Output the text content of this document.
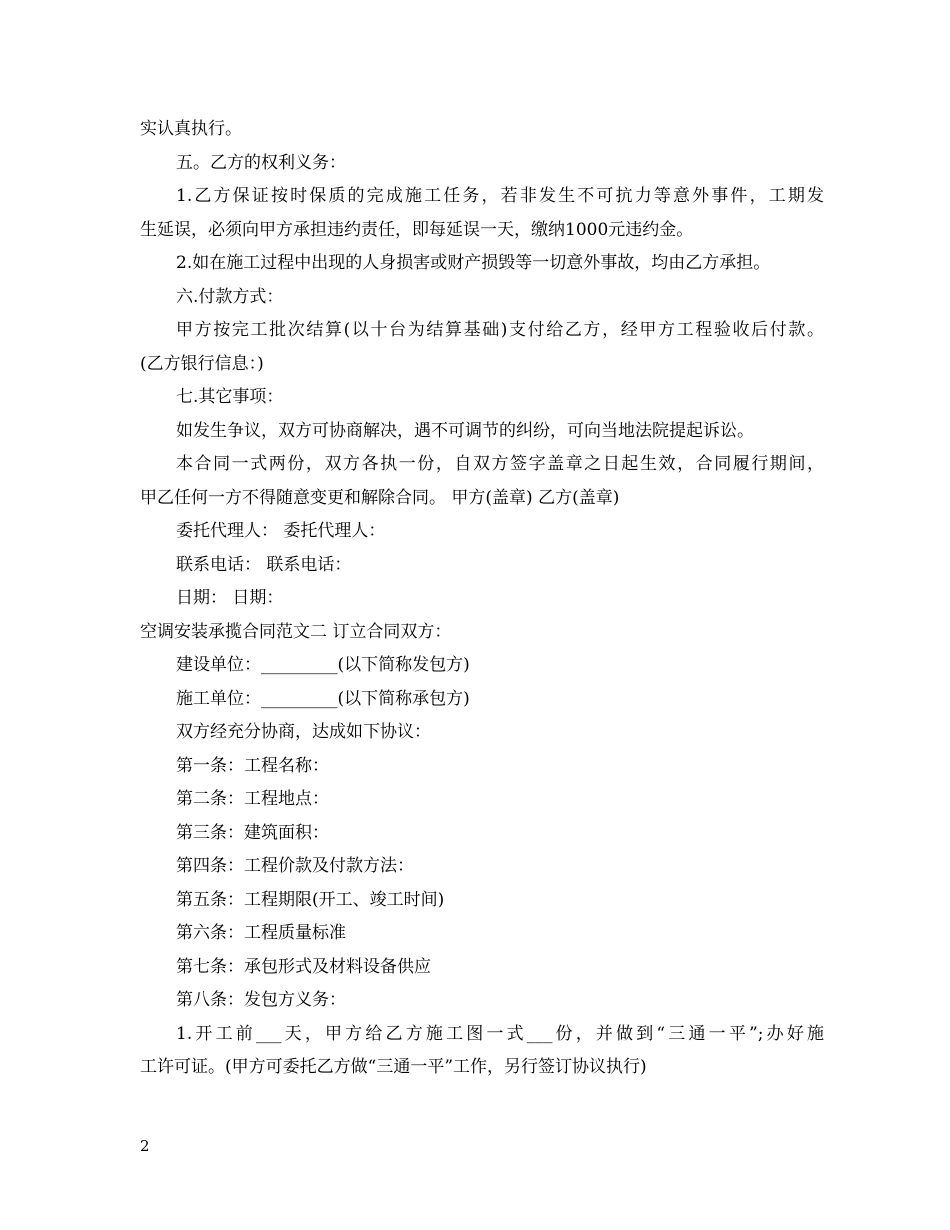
实认真执行。
五。乙方的权利义务：
1.乙方保证按时保质的完成施工任务，若非发生不可抗力等意外事件，工期发
生延误，必须向甲方承担违约责任，即每延误一天，缴纳1000元违约金。
2.如在施工过程中出现的人身损害或财产损毁等一切意外事故，均由乙方承担。
六.付款方式：
甲方按完工批次结算(以十台为结算基础)支付给乙方，经甲方工程验收后付款。
(乙方银行信息：)
七.其它事项：
如发生争议，双方可协商解决，遇不可调节的纠纷，可向当地法院提起诉讼。
本合同一式两份，双方各执一份，自双方签字盖章之日起生效，合同履行期间，
甲乙任何一方不得随意变更和解除合同。 甲方(盖章) 乙方(盖章)
委托代理人： 委托代理人：
联系电话： 联系电话：
日期： 日期：
空调安装承揽合同范文二 订立合同双方：
建设单位：_________(以下简称发包方)
施工单位：_________(以下简称承包方)
双方经充分协商，达成如下协议：
第一条：工程名称：
第二条：工程地点：
第三条：建筑面积：
第四条：工程价款及付款方法：
第五条：工程期限(开工、竣工时间)
第六条：工程质量标准
第七条：承包形式及材料设备供应
第八条：发包方义务：
1.开工前___天，甲方给乙方施工图一式___份，并做到“三通一平”;办好施
工许可证。(甲方可委托乙方做“三通一平”工作，另行签订协议执行)
2
